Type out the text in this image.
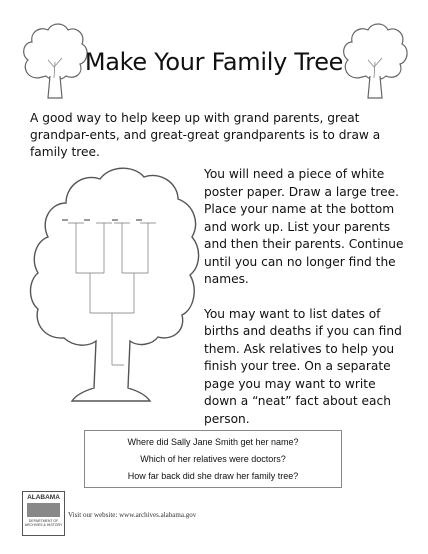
Make Your Family Tree
A good way to help keep up with grand parents, great grandpar-ents, and great-great grandparents is to draw a family tree.

You will need a piece of white poster paper. Draw a large tree. Place your name at the bottom and work up. List your parents and then their parents. Continue until you can no longer find the names.

You may want to list dates of births and deaths if you can find them. Ask relatives to help you finish your tree. On a separate page you may want to write down a “neat” fact about each person.

Where did Sally Jane Smith get her name?
Which of her relatives were doctors?
How far back did she draw her family tree?
ALABAMA
DEPARTMENT OF ARCHIVES & HISTORY
Visit our website: www.archives.alabama.gov
